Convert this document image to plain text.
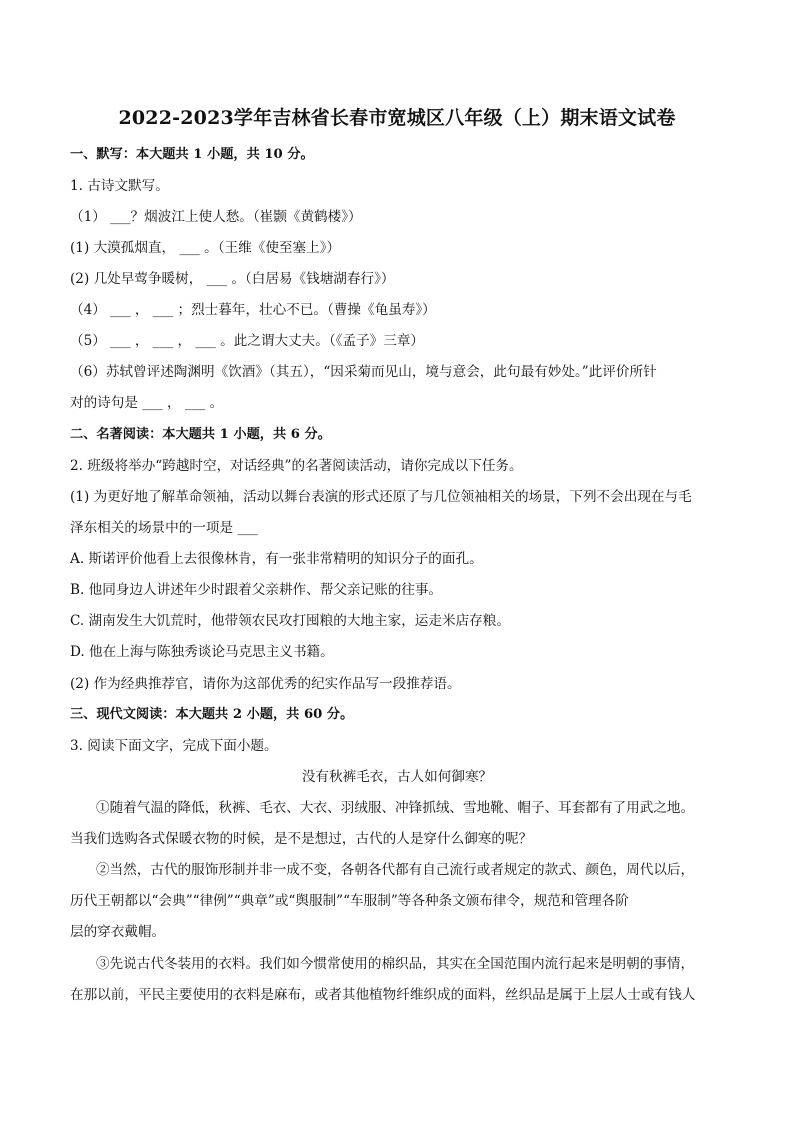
2022-2023学年吉林省长春市宽城区八年级（上）期末语文试卷
一、默写：本大题共 1 小题，共 10 分。
1. 古诗文默写。
（1） ___？烟波江上使人愁。（崔颢《黄鹤楼》）
(1) 大漠孤烟直， ___ 。（王维《使至塞上》）
(2) 几处早莺争暖树， ___ 。（白居易《钱塘湖春行》）
（4） ___ ， ___ ；烈士暮年，壮心不已。（曹操《龟虽寿》）
（5） ___ ， ___ ， ___ 。此之谓大丈夫。（《孟子》三章）
（6）苏轼曾评述陶渊明《饮酒》（其五），“因采菊而见山，境与意会，此句最有妙处。”此评价所针
对的诗句是 ___ ， ___ 。
二、名著阅读：本大题共 1 小题，共 6 分。
2. 班级将举办“跨越时空，对话经典”的名著阅读活动，请你完成以下任务。
(1) 为更好地了解革命领袖，活动以舞台表演的形式还原了与几位领袖相关的场景，下列不会出现在与毛
泽东相关的场景中的一项是 ___
A. 斯诺评价他看上去很像林肯，有一张非常精明的知识分子的面孔。
B. 他同身边人讲述年少时跟着父亲耕作、帮父亲记账的往事。
C. 湖南发生大饥荒时，他带领农民攻打囤粮的大地主家，运走米店存粮。
D. 他在上海与陈独秀谈论马克思主义书籍。
(2) 作为经典推荐官，请你为这部优秀的纪实作品写一段推荐语。
三、现代文阅读：本大题共 2 小题，共 60 分。
3. 阅读下面文字，完成下面小题。
没有秋裤毛衣，古人如何御寒？
①随着气温的降低，秋裤、毛衣、大衣、羽绒服、冲锋抓绒、雪地靴、帽子、耳套都有了用武之地。
当我们选购各式保暖衣物的时候，是不是想过，古代的人是穿什么御寒的呢？
②当然，古代的服饰形制并非一成不变，各朝各代都有自己流行或者规定的款式、颜色，周代以后，
历代王朝都以“会典”“律例”“典章”或“舆服制”“车服制”等各种条文颁布律令，规范和管理各阶
层的穿衣戴帽。
③先说古代冬装用的衣料。我们如今惯常使用的棉织品，其实在全国范围内流行起来是明朝的事情，
在那以前，平民主要使用的衣料是麻布，或者其他植物纤维织成的面料，丝织品是属于上层人士或有钱人
